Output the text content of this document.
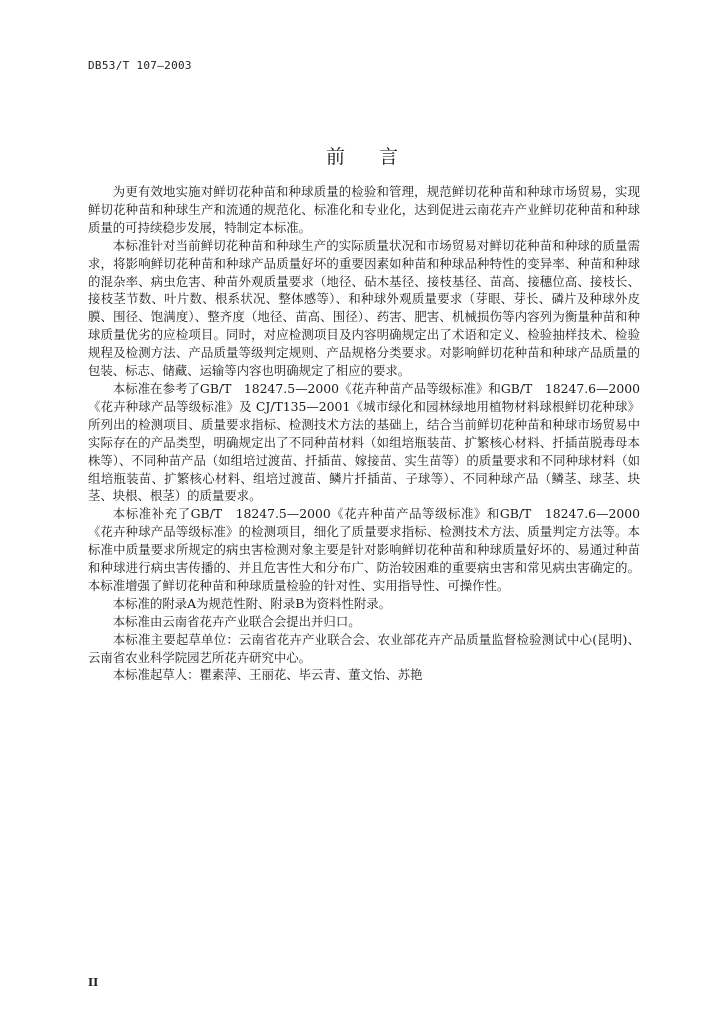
DB53/T 107—2003
前言

为更有效地实施对鲜切花种苗和种球质量的检验和管理，规范鲜切花种苗和种球市场贸易，实现鲜切花种苗和种球生产和流通的规范化、标准化和专业化，达到促进云南花卉产业鲜切花种苗和种球质量的可持续稳步发展，特制定本标准。

本标准针对当前鲜切花种苗和种球生产的实际质量状况和市场贸易对鲜切花种苗和种球的质量需求，将影响鲜切花种苗和种球产品质量好坏的重要因素如种苗和种球品种特性的变异率、种苗和种球的混杂率、病虫危害、种苗外观质量要求（地径、砧木基径、接枝基径、苗高、接穗位高、接枝长、接枝茎节数、叶片数、根系状况、整体感等）、和种球外观质量要求（芽眼、芽长、磷片及种球外皮膜、围径、饱满度）、整齐度（地径、苗高、围径）、药害、肥害、机械损伤等内容列为衡量种苗和种球质量优劣的应检项目。同时，对应检测项目及内容明确规定出了术语和定义、检验抽样技术、检验规程及检测方法、产品质量等级判定规则、产品规格分类要求。对影响鲜切花种苗和种球产品质量的包装、标志、储藏、运输等内容也明确规定了相应的要求。

本标准在参考了GB/T　18247.5—2000《花卉种苗产品等级标准》和GB/T　18247.6—2000《花卉种球产品等级标准》及 CJ/T135—2001《城市绿化和园林绿地用植物材料球根鲜切花种球》所列出的检测项目、质量要求指标、检测技术方法的基础上，结合当前鲜切花种苗和种球市场贸易中实际存在的产品类型，明确规定出了不同种苗材料（如组培瓶装苗、扩繁核心材料、扦插苗脱毒母本株等）、不同种苗产品（如组培过渡苗、扦插苗、嫁接苗、实生苗等）的质量要求和不同种球材料（如组培瓶装苗、扩繁核心材料、组培过渡苗、鳞片扦插苗、子球等）、不同种球产品（鳞茎、球茎、块茎、块根、根茎）的质量要求。

本标准补充了GB/T　18247.5—2000《花卉种苗产品等级标准》和GB/T　18247.6—2000《花卉种球产品等级标准》的检测项目，细化了质量要求指标、检测技术方法、质量判定方法等。本标准中质量要求所规定的病虫害检测对象主要是针对影响鲜切花种苗和种球质量好坏的、易通过种苗和种球进行病虫害传播的、并且危害性大和分布广、防治较困难的重要病虫害和常见病虫害确定的。本标准增强了鲜切花种苗和种球质量检验的针对性、实用指导性、可操作性。

本标准的附录A为规范性附、附录B为资料性附录。

本标准由云南省花卉产业联合会提出并归口。

本标准主要起草单位：云南省花卉产业联合会、农业部花卉产品质量监督检验测试中心(昆明)、云南省农业科学院园艺所花卉研究中心。

本标准起草人：瞿素萍、王丽花、毕云青、董文怡、苏艳

II
